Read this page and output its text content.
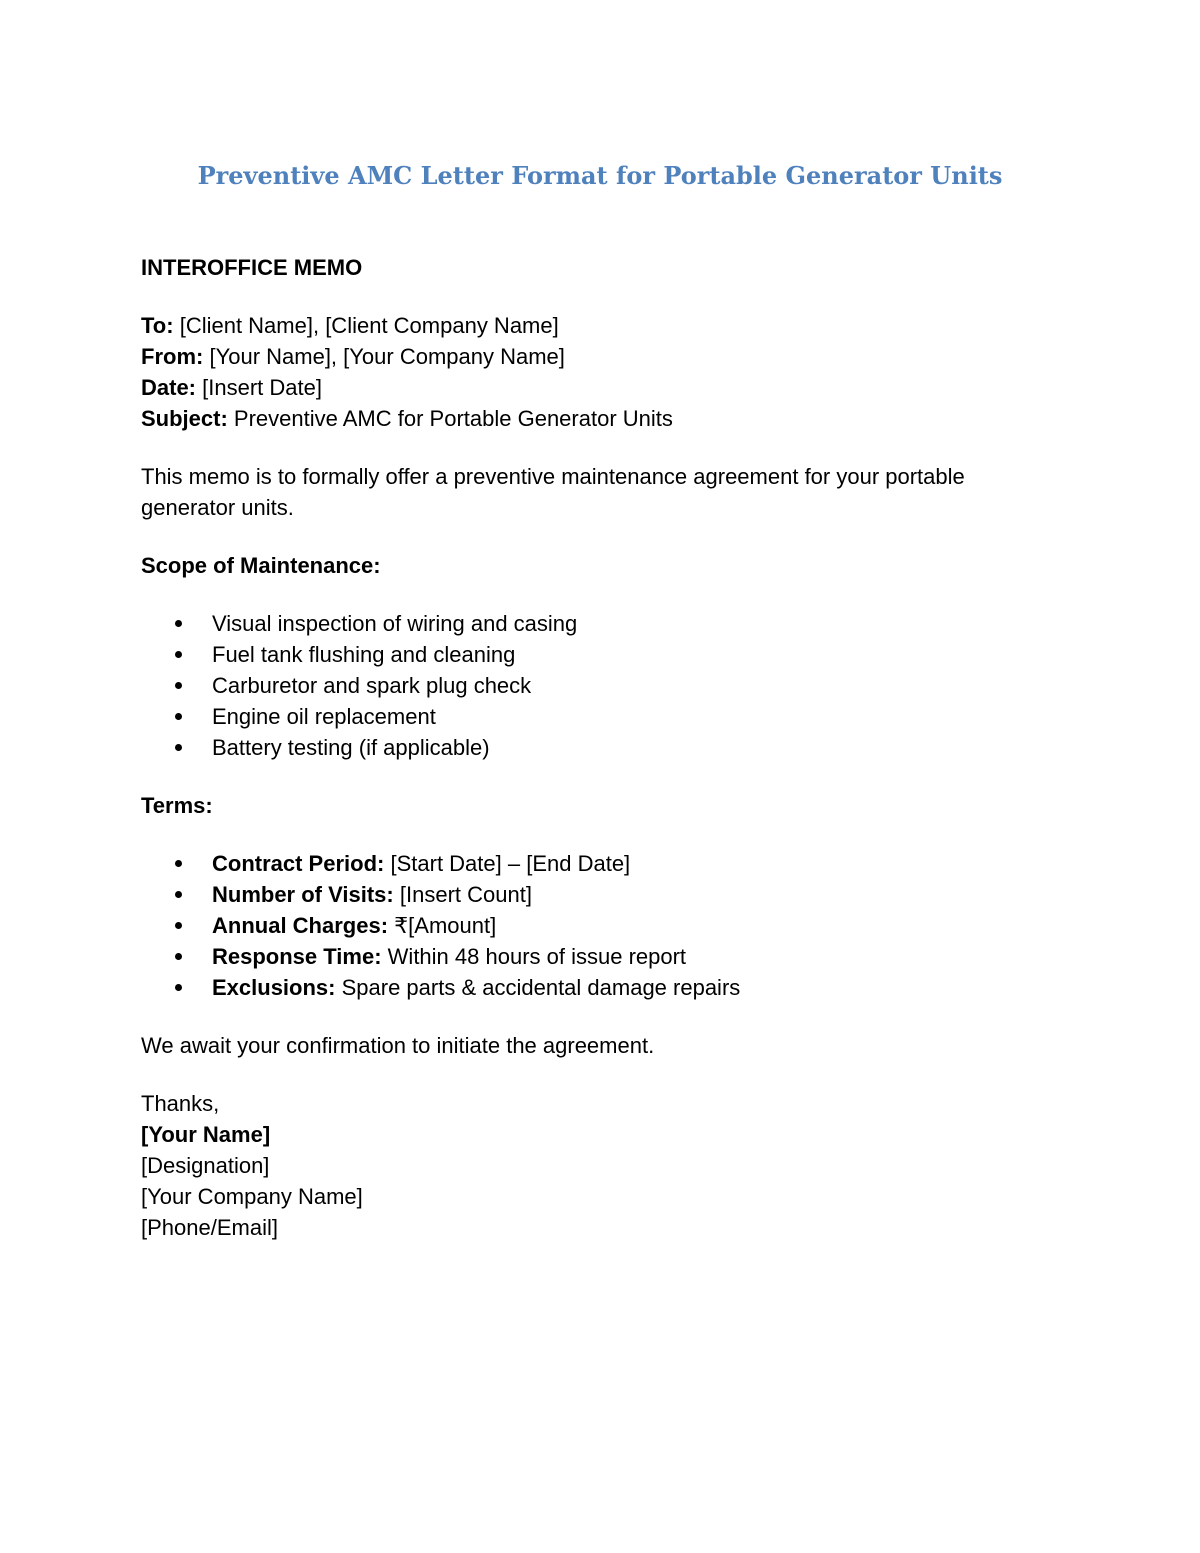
Preventive AMC Letter Format for Portable Generator Units

INTEROFFICE MEMO

To: [Client Name], [Client Company Name]
From: [Your Name], [Your Company Name]
Date: [Insert Date]
Subject: Preventive AMC for Portable Generator Units

This memo is to formally offer a preventive maintenance agreement for your portable generator units.

Scope of Maintenance:

Visual inspection of wiring and casing
Fuel tank flushing and cleaning
Carburetor and spark plug check
Engine oil replacement
Battery testing (if applicable)

Terms:

Contract Period: [Start Date] – [End Date]
Number of Visits: [Insert Count]
Annual Charges: ₹[Amount]
Response Time: Within 48 hours of issue report
Exclusions: Spare parts & accidental damage repairs

We await your confirmation to initiate the agreement.

Thanks,
[Your Name]
[Designation]
[Your Company Name]
[Phone/Email]
